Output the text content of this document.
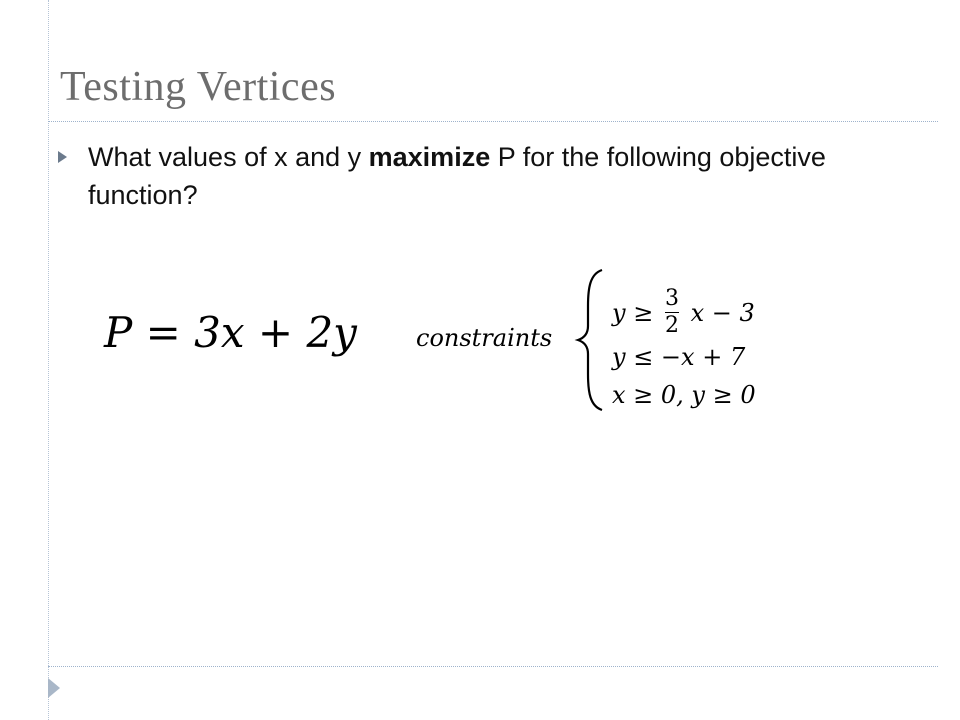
Testing Vertices
What values of x and y maximize P for the following objective function?
P = 3x + 2y constraints
$y \ge \frac{3}{2}$ x − 3
y ≤ −x + 7
x ≥ 0, y ≥ 0
